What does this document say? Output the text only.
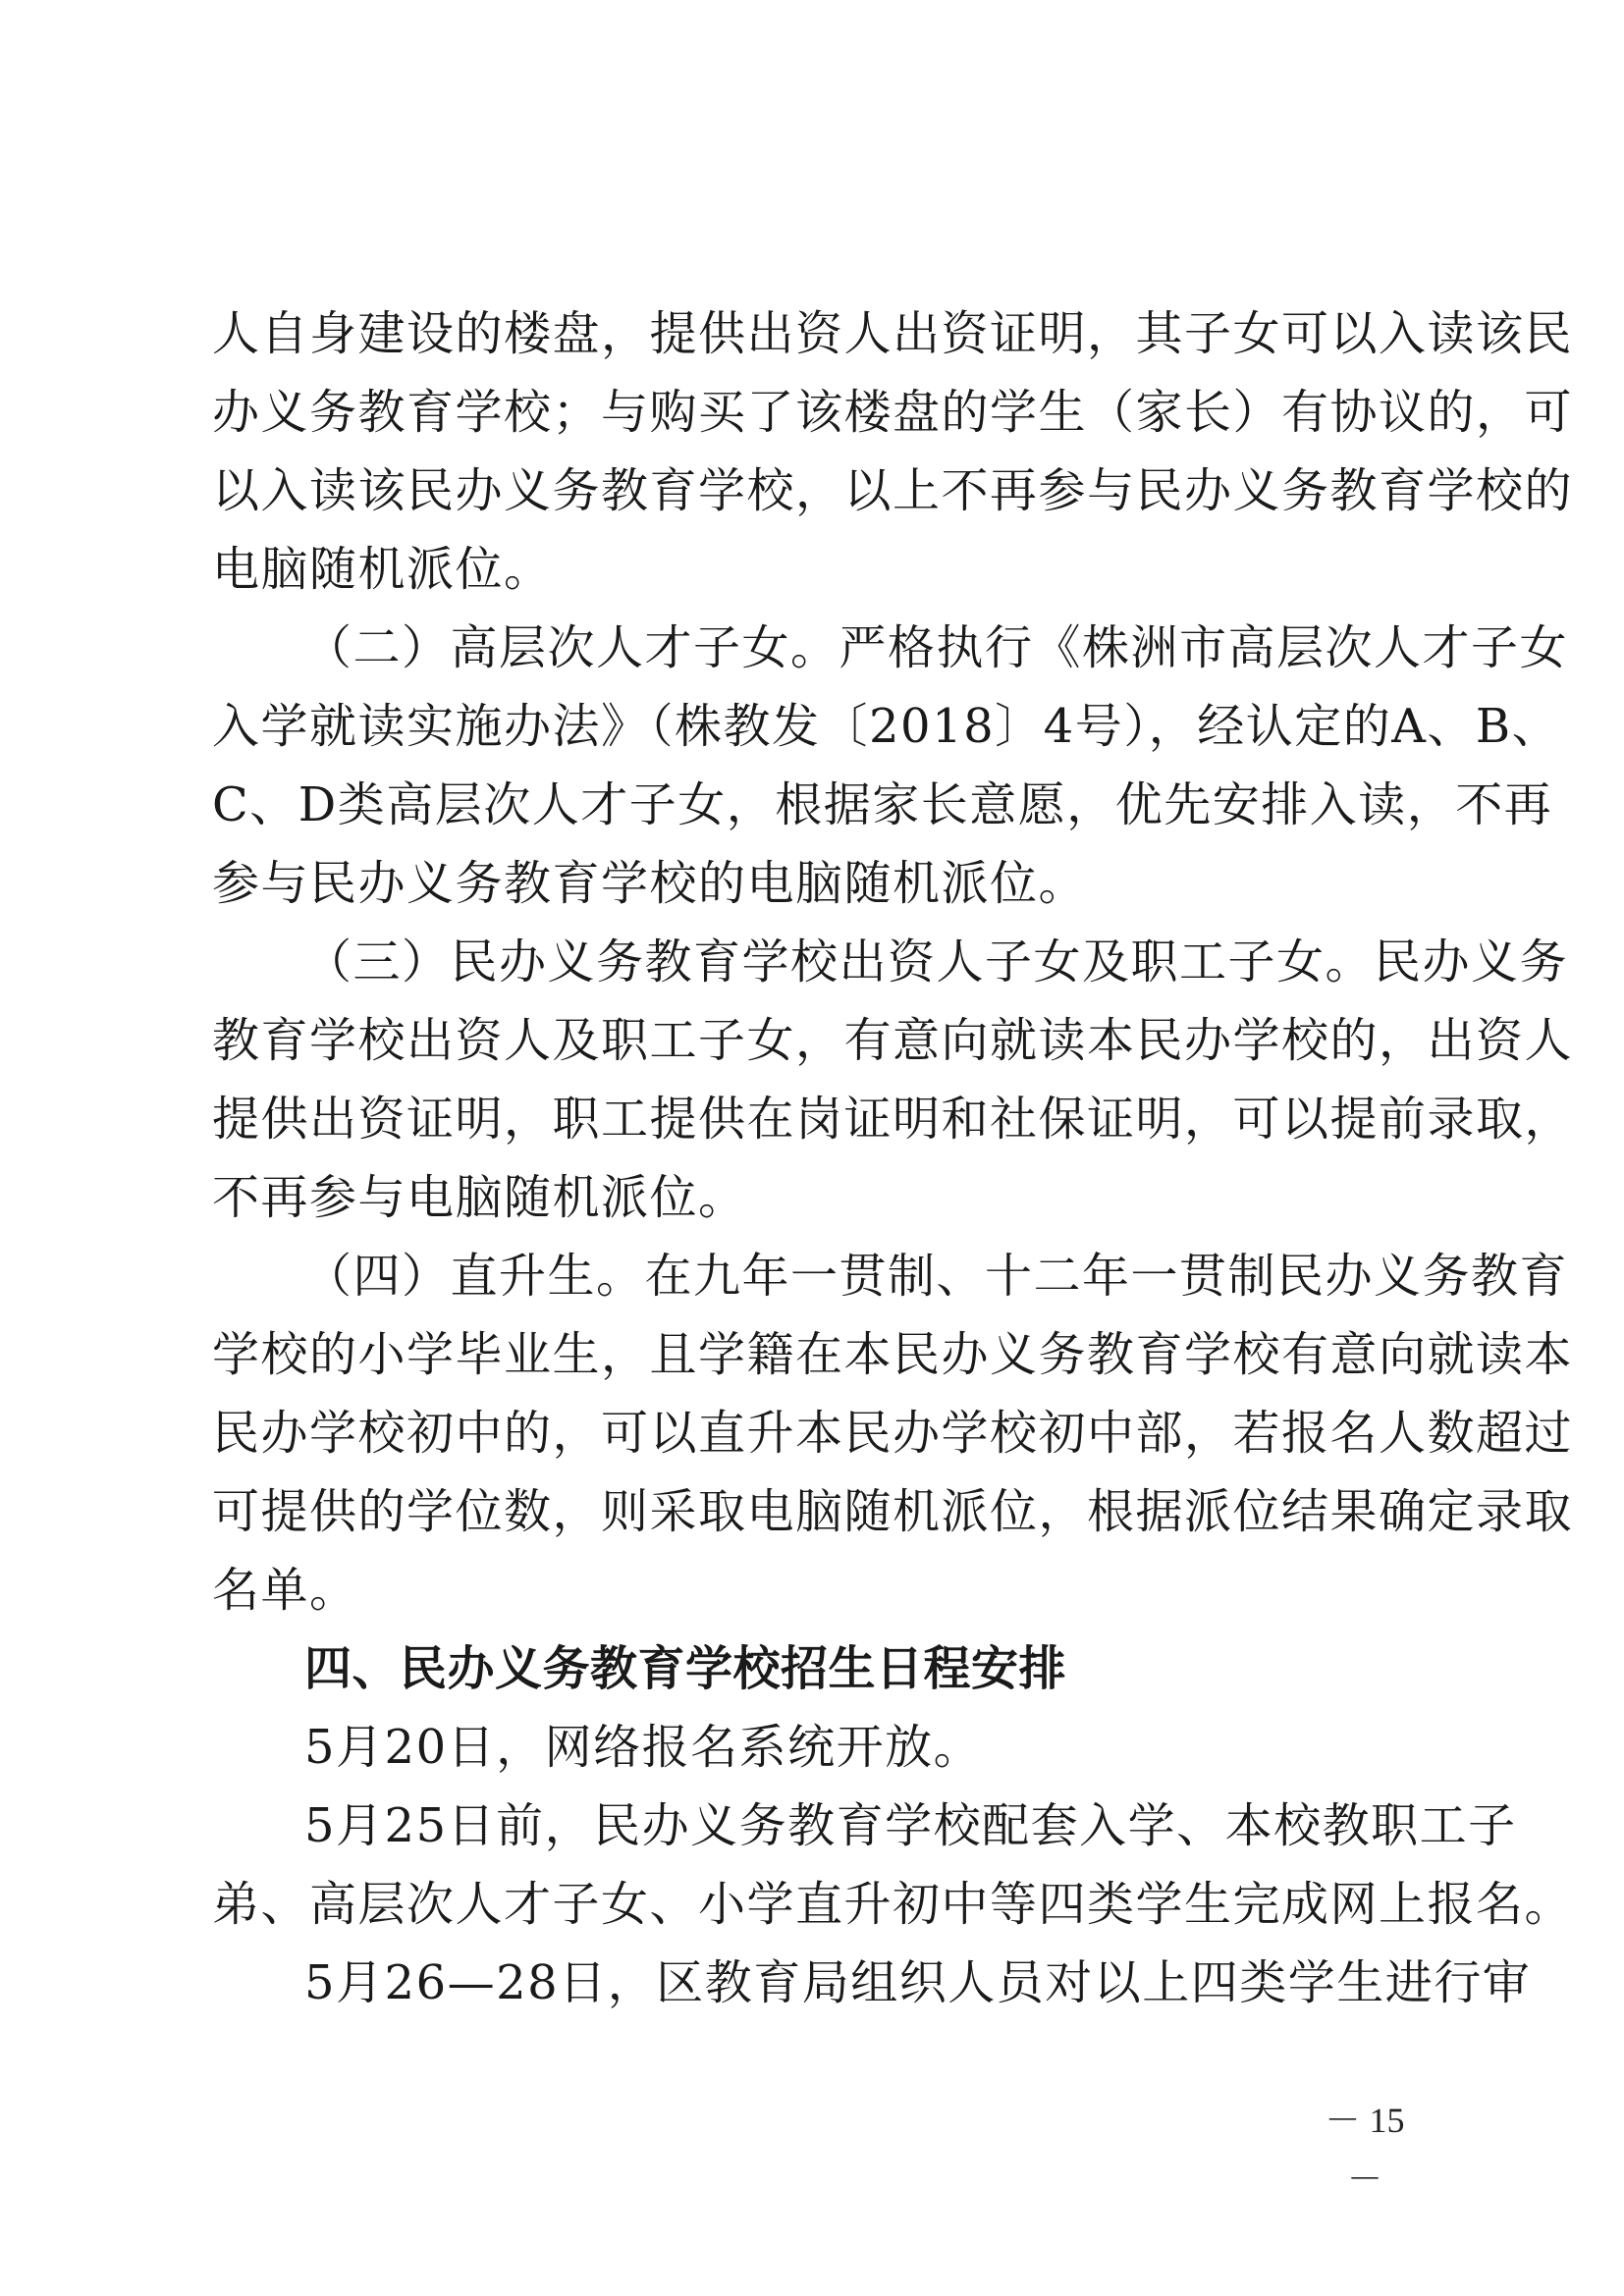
人自身建设的楼盘，提供出资人出资证明，其子女可以入读该民
办义务教育学校；与购买了该楼盘的学生（家长）有协议的，可
以入读该民办义务教育学校，以上不再参与民办义务教育学校的
电脑随机派位。
（二）高层次人才子女。严格执行《株洲市高层次人才子女
入学就读实施办法》（株教发〔2018〕4号），经认定的A、B、
C、D类高层次人才子女，根据家长意愿，优先安排入读，不再
参与民办义务教育学校的电脑随机派位。
（三）民办义务教育学校出资人子女及职工子女。民办义务
教育学校出资人及职工子女，有意向就读本民办学校的，出资人
提供出资证明，职工提供在岗证明和社保证明，可以提前录取，
不再参与电脑随机派位。
（四）直升生。在九年一贯制、十二年一贯制民办义务教育
学校的小学毕业生，且学籍在本民办义务教育学校有意向就读本
民办学校初中的，可以直升本民办学校初中部，若报名人数超过
可提供的学位数，则采取电脑随机派位，根据派位结果确定录取
名单。
四、民办义务教育学校招生日程安排
5月20日，网络报名系统开放。
5月25日前，民办义务教育学校配套入学、本校教职工子
弟、高层次人才子女、小学直升初中等四类学生完成网上报名。
5月26—28日，区教育局组织人员对以上四类学生进行审
－ 15 －
